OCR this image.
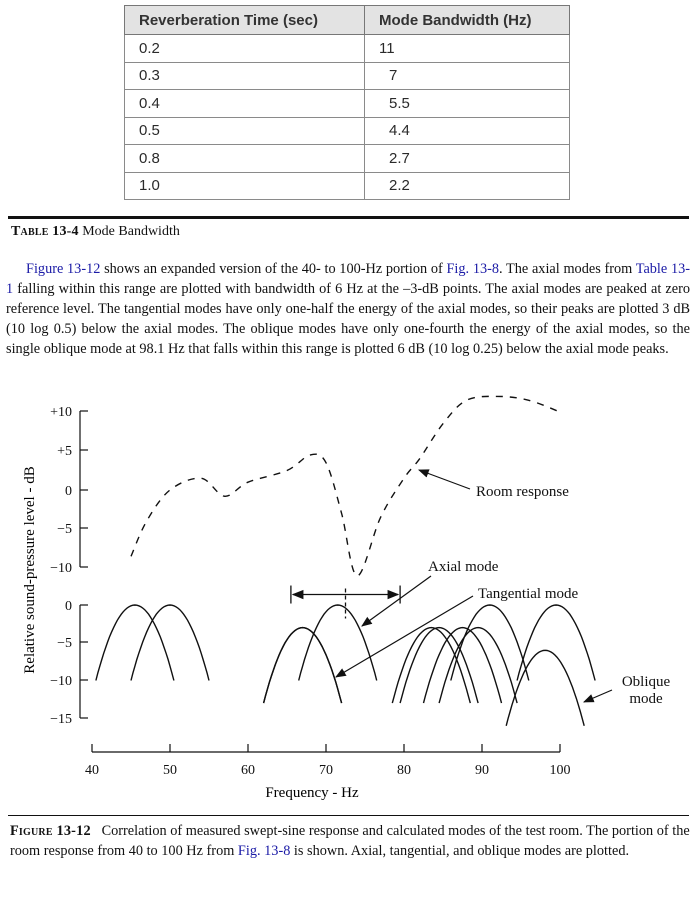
Reverberation Time (sec)	Mode Bandwidth (Hz)
0.2	11
0.3	7
0.4	5.5
0.5	4.4
0.8	2.7
1.0	2.2
Table 13-4 Mode Bandwidth
Figure 13-12 shows an expanded version of the 40- to 100-Hz portion of Fig. 13-8. The axial modes from Table 13-1 falling within this range are plotted with bandwidth of 6 Hz at the –3-dB points. The axial modes are peaked at zero reference level. The tangential modes have only one-half the energy of the axial modes, so their peaks are plotted 3 dB (10 log 0.5) below the axial modes. The oblique modes have only one-fourth the energy of the axial modes, so the single oblique mode at 98.1 Hz that falls within this range is plotted 6 dB (10 log 0.25) below the axial mode peaks.
+10
+5
0
−5
−10
0
−5
−10
−15
40	50	60	70	80	90	100
Frequency - Hz
Relative sound-pressure level - dB	Room response
Axial mode
Tangential mode
Oblique
mode
Figure 13-12 Correlation of measured swept-sine response and calculated modes of the test room. The portion of the room response from 40 to 100 Hz from Fig. 13-8 is shown. Axial, tangential, and oblique modes are plotted.
